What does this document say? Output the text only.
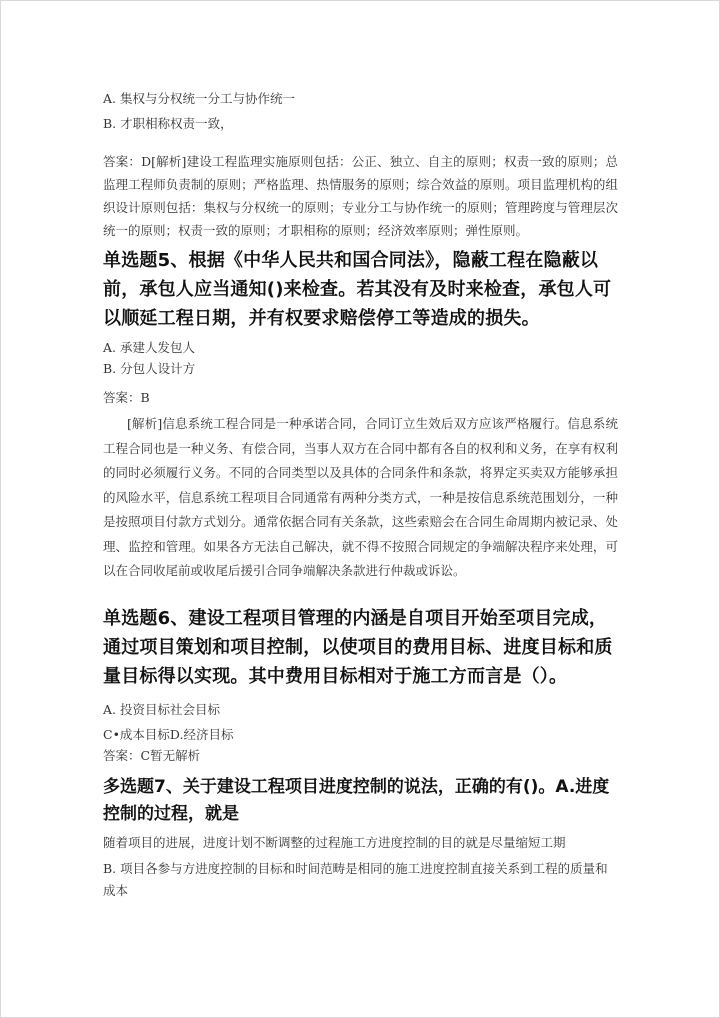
A. 集权与分权统一分工与协作统一
B. 才职相称权责一致，
答案：D[解析]建设工程监理实施原则包括：公正、独立、自主的原则；权责一致的原则；总监理工程师负责制的原则；严格监理、热情服务的原则；综合效益的原则。项目监理机构的组织设计原则包括：集权与分权统一的原则；专业分工与协作统一的原则；管理跨度与管理层次统一的原则；权责一致的原则；才职相称的原则；经济效率原则；弹性原则。
单选题5、根据《中华人民共和国合同法》，隐蔽工程在隐蔽以前，承包人应当通知()来检查。若其没有及时来检查，承包人可以顺延工程日期，并有权要求赔偿停工等造成的损失。
A. 承建人发包人
B. 分包人设计方
答案：B
[解析]信息系统工程合同是一种承诺合同，合同订立生效后双方应该严格履行。信息系统工程合同也是一种义务、有偿合同，当事人双方在合同中都有各自的权利和义务，在享有权利的同时必须履行义务。不同的合同类型以及具体的合同条件和条款，将界定买卖双方能够承担的风险水平，信息系统工程项目合同通常有两种分类方式，一种是按信息系统范围划分，一种是按照项目付款方式划分。通常依据合同有关条款，这些索赔会在合同生命周期内被记录、处理、监控和管理。如果各方无法自己解决，就不得不按照合同规定的争端解决程序来处理，可以在合同收尾前或收尾后援引合同争端解决条款进行仲裁或诉讼。
单选题6、建设工程项目管理的内涵是自项目开始至项目完成，通过项目策划和项目控制，以使项目的费用目标、进度目标和质量目标得以实现。其中费用目标相对于施工方而言是（）。
A. 投资目标社会目标
C•成本目标D.经济目标
答案：C暂无解析
多选题7、关于建设工程项目进度控制的说法，正确的有()。A.进度控制的过程，就是
随着项目的进展，进度计划不断调整的过程施工方进度控制的目的就是尽量缩短工期
B. 项目各参与方进度控制的目标和时间范畴是相同的施工进度控制直接关系到工程的质量和成本
